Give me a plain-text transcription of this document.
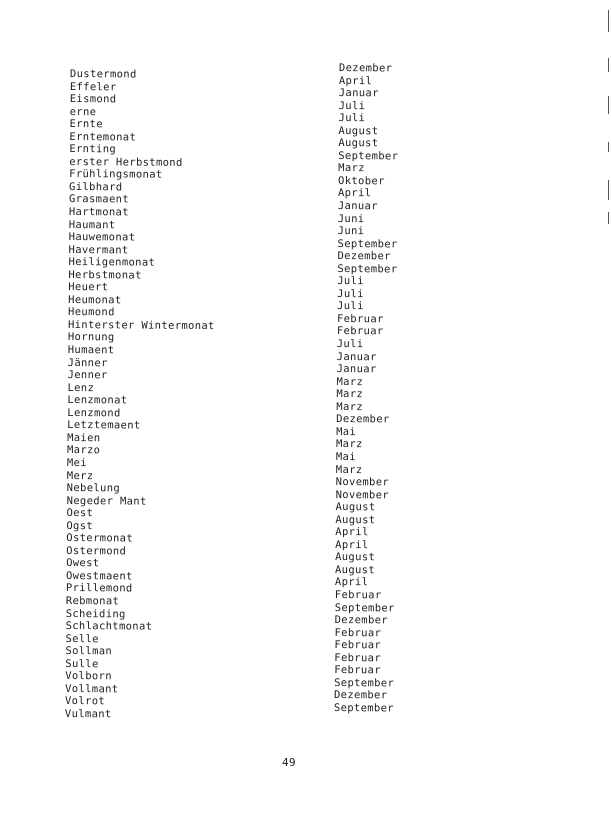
Dustermond
Effeler
Eismond
erne
Ernte
Erntemonat
Ernting
erster Herbstmond
Frühlingsmonat
Gilbhard
Grasmaent
Hartmonat
Haumant
Hauwemonat
Havermant
Heiligenmonat
Herbstmonat
Heuert
Heumonat
Heumond
Hinterster Wintermonat
Hornung
Humaent
Jänner
Jenner
Lenz
Lenzmonat
Lenzmond
Letztemaent
Maien
Marzo
Mei
Merz
Nebelung
Negeder Mant
Oest
Ogst
Ostermonat
Ostermond
Owest
Owestmaent
Prillemond
Rebmonat
Scheiding
Schlachtmonat
Selle
Sollman
Sulle
Volborn
Vollmant
Volrot
Vulmant
Dezember
April
Januar
Juli
Juli
August
August
September
Marz
Oktober
April
Januar
Juni
Juni
September
Dezember
September
Juli
Juli
Juli
Februar
Februar
Juli
Januar
Januar
Marz
Marz
Marz
Dezember
Mai
Marz
Mai
Marz
November
November
August
August
April
April
August
August
April
Februar
September
Dezember
Februar
Februar
Februar
Februar
September
Dezember
September
49
